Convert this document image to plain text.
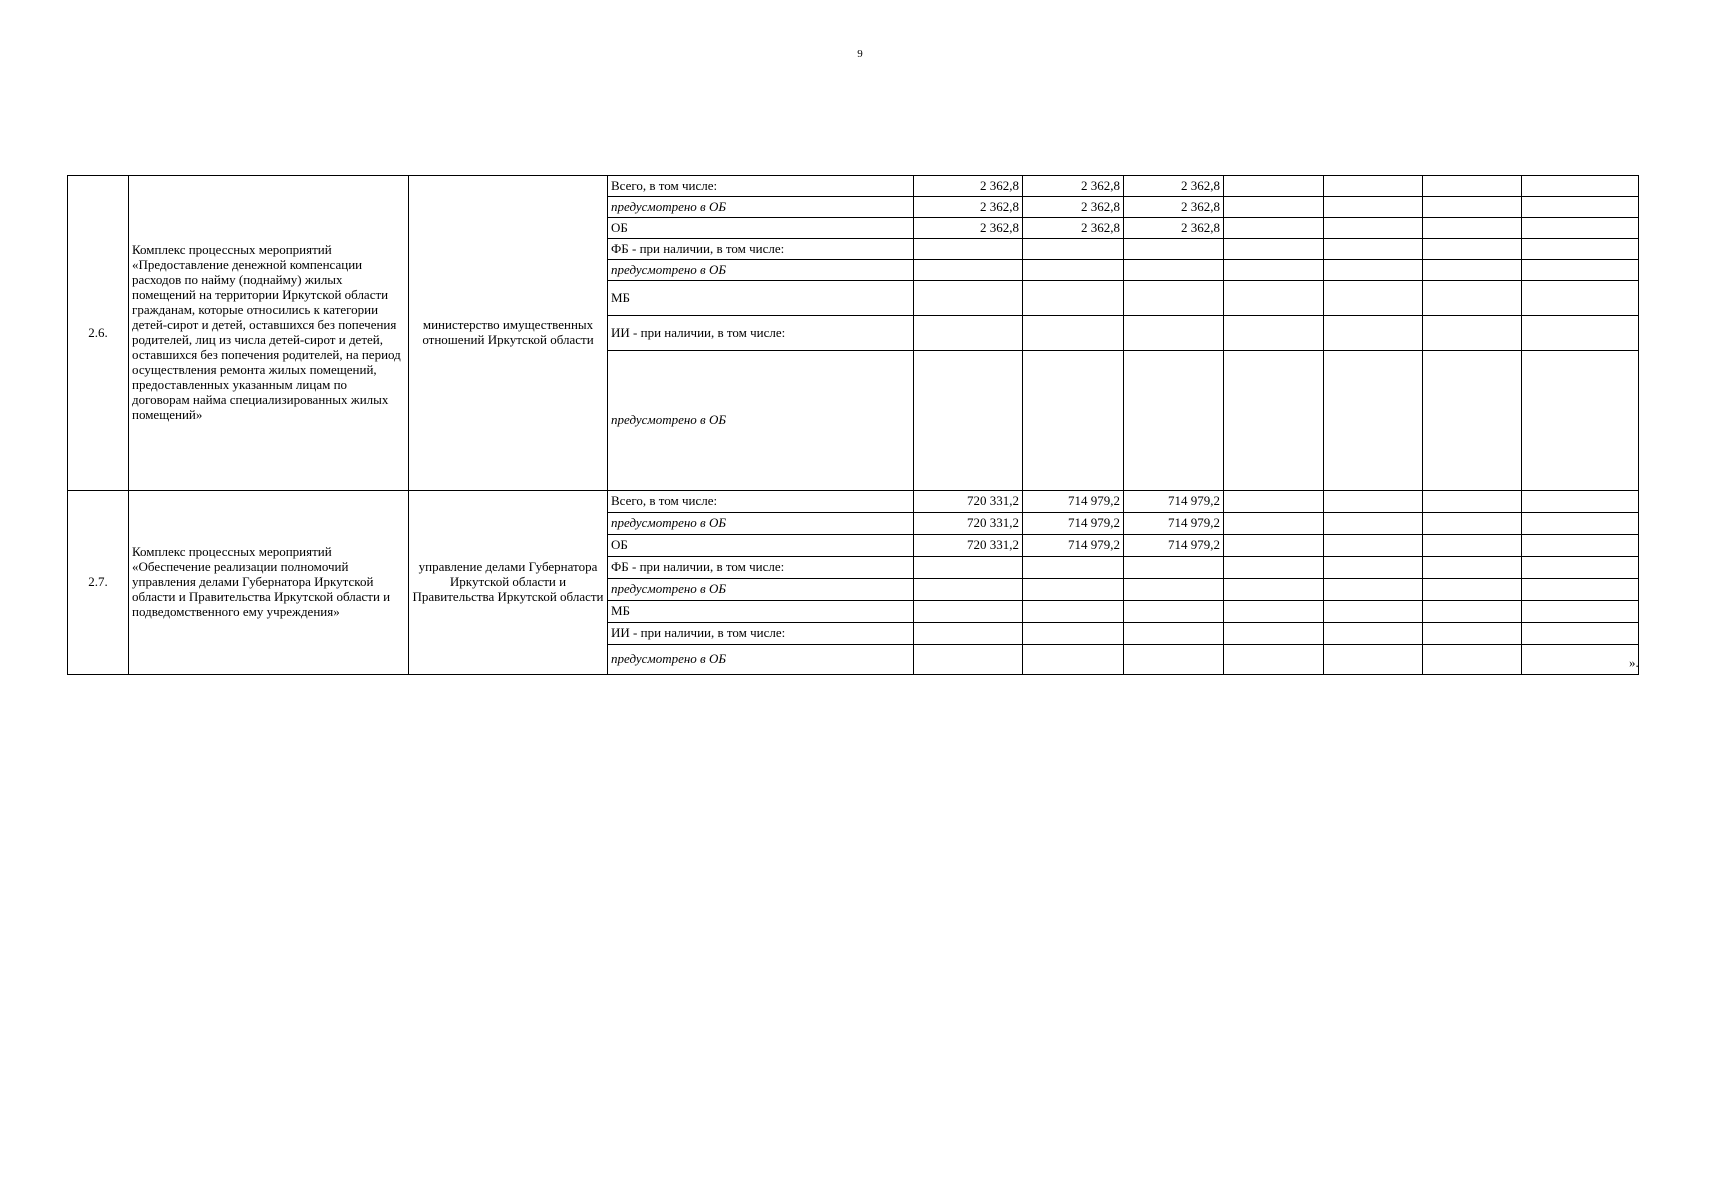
9
2.6.	Комплекс процессных мероприятий «Предоставление денежной компенсации расходов по найму (поднайму) жилых помещений на территории Иркутской области гражданам, которые относились к категории детей-сирот и детей, оставшихся без попечения родителей, лиц из числа детей-сирот и детей, оставшихся без попечения родителей, на период осуществления ремонта жилых помещений, предоставленных указанным лицам по договорам найма специализированных жилых помещений»	министерство имущественных отношений Иркутской области	Всего, в том числе:	2 362,8	2 362,8	2 362,8				
			предусмотрено в ОБ	2 362,8	2 362,8	2 362,8				
			ОБ	2 362,8	2 362,8	2 362,8				
			ФБ - при наличии, в том числе:							
			предусмотрено в ОБ							
			МБ							
			ИИ - при наличии, в том числе:							
			предусмотрено в ОБ							
2.7.	Комплекс процессных мероприятий «Обеспечение реализации полномочий управления делами Губернатора Иркутской области и Правительства Иркутской области и подведомственного ему учреждения»	управление делами Губернатора Иркутской области и Правительства Иркутской области	Всего, в том числе:	720 331,2	714 979,2	714 979,2				
			предусмотрено в ОБ	720 331,2	714 979,2	714 979,2				
			ОБ	720 331,2	714 979,2	714 979,2				
			ФБ - при наличии, в том числе:							
			предусмотрено в ОБ							
			МБ							
			ИИ - при наличии, в том числе:							
			предусмотрено в ОБ								».
